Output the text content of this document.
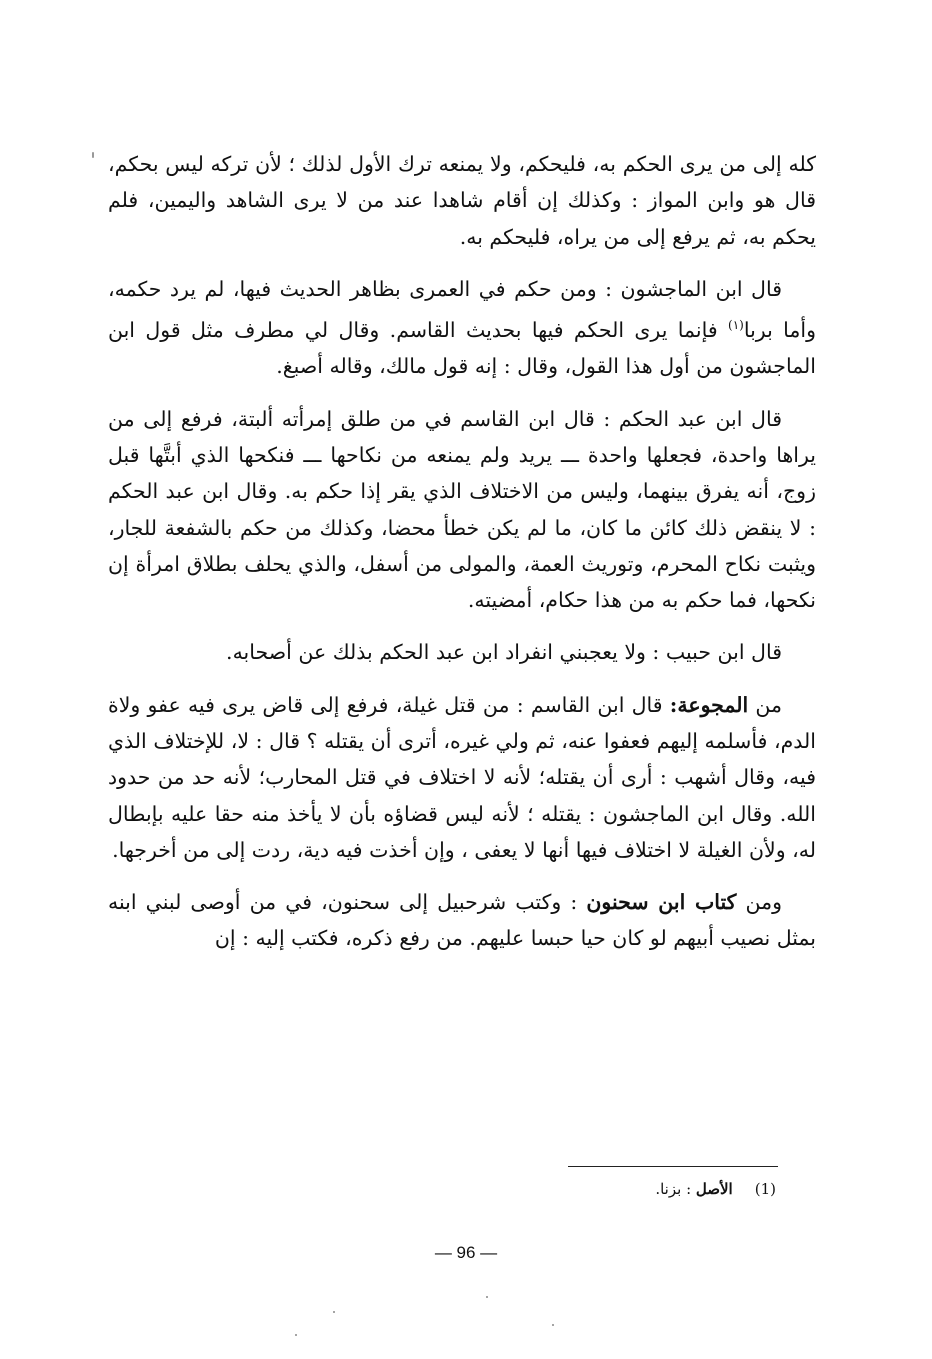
كله إلى من يرى الحكم به، فليحكم، ولا يمنعه ترك الأول لذلك ؛ لأن تركه ليس بحكم، قال هو وابن المواز : وكذلك إن أقام شاهدا عند من لا يرى الشاهد واليمين، فلم يحكم به، ثم يرفع إلى من يراه، فليحكم به.

قال ابن الماجشون : ومن حكم في العمرى بظاهر الحديث فيها، لم يرد حكمه، وأما بربا$^{(١)}$ فإنما يرى الحكم فيها بحديث القاسم. وقال لي مطرف مثل قول ابن الماجشون من أول هذا القول، وقال : إنه قول مالك، وقاله أصبغ.

قال ابن عبد الحكم : قال ابن القاسم في من طلق إمرأته ألبتة، فرفع إلى من يراها واحدة، فجعلها واحدة ـــ يريد ولم يمنعه من نكاحها ـــ فنكحها الذي أبتَّها قبل زوج، أنه يفرق بينهما، وليس من الاختلاف الذي يقر إذا حكم به. وقال ابن عبد الحكم : لا ينقض ذلك كائن ما كان، ما لم يكن خطأ محضا، وكذلك من حكم بالشفعة للجار، ويثبت نكاح المحرم، وتوريث العمة، والمولى من أسفل، والذي يحلف بطلاق امرأة إن نكحها، فما حكم به من هذا حكام، أمضيته.

قال ابن حبيب : ولا يعجبني انفراد ابن عبد الحكم بذلك عن أصحابه.

من المجوعة: قال ابن القاسم : من قتل غيلة، فرفع إلى قاض يرى فيه عفو ولاة الدم، فأسلمه إليهم فعفوا عنه، ثم ولي غيره، أترى أن يقتله ؟ قال : لا، للإختلاف الذي فيه، وقال أشهب : أرى أن يقتله؛ لأنه لا اختلاف في قتل المحارب؛ لأنه حد من حدود الله. وقال ابن الماجشون : يقتله ؛ لأنه ليس قضاؤه بأن لا يأخذ منه حقا عليه بإبطال له، ولأن الغيلة لا اختلاف فيها أنها لا يعفى ، وإن أخذت فيه دية، ردت إلى من أخرجها.

ومن كتاب ابن سحنون : وكتب شرحبيل إلى سحنون، في من أوصى لبني ابنه بمثل نصيب أبيهم لو كان حيا حبسا عليهم. من رفع ذكره، فكتب إليه : إن

(1)الأصل : بزنا.
— 96 —
